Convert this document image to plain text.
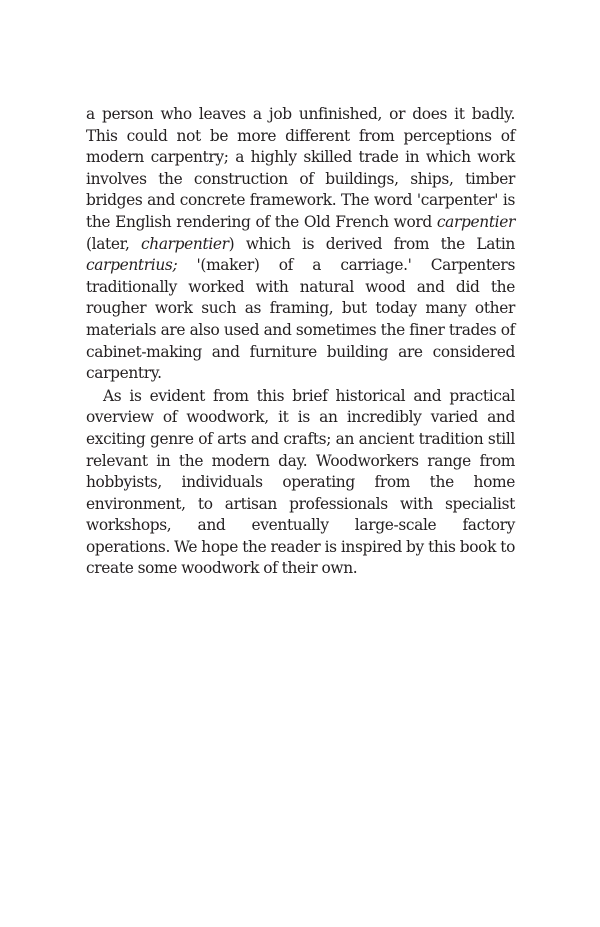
a person who leaves a job unfinished, or does it badly. This could not be more different from perceptions of modern carpentry; a highly skilled trade in which work involves the construction of buildings, ships, timber bridges and concrete framework. The word 'carpenter' is the English rendering of the Old French word carpentier (later, charpentier) which is derived from the Latin carpentrius; '(maker) of a carriage.' Carpenters traditionally worked with natural wood and did the rougher work such as framing, but today many other materials are also used and sometimes the finer trades of cabinet-making and furniture building are considered carpentry.

As is evident from this brief historical and practical overview of woodwork, it is an incredibly varied and exciting genre of arts and crafts; an ancient tradition still relevant in the modern day. Woodworkers range from hobbyists, individuals operating from the home environment, to artisan professionals with specialist workshops, and eventually large-scale factory operations. We hope the reader is inspired by this book to create some woodwork of their own.
